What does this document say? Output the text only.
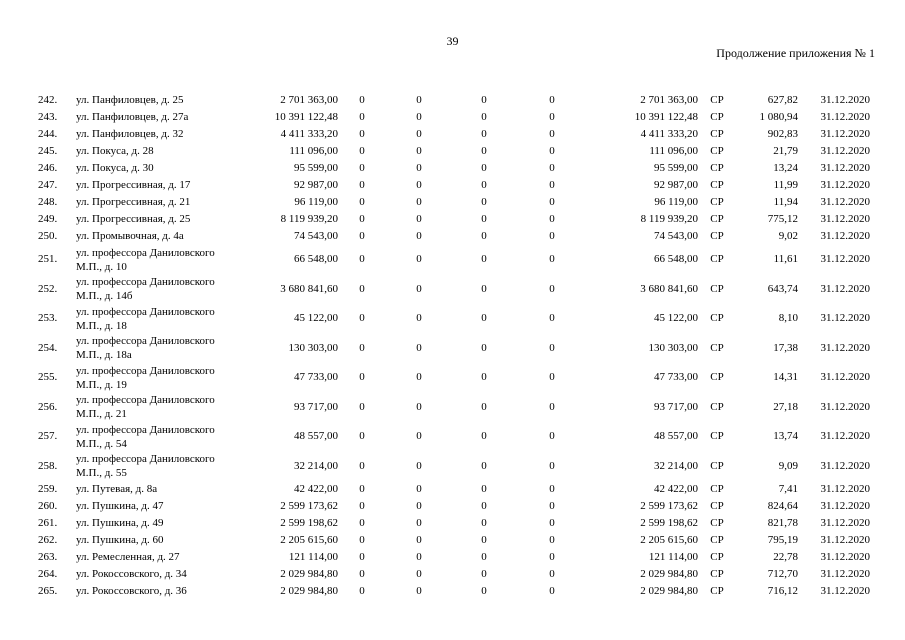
39
Продолжение приложения № 1
242.	ул. Панфиловцев, д. 25	2 701 363,00	0	0	0	0	2 701 363,00	СР	627,82	31.12.2020
243.	ул. Панфиловцев, д. 27а	10 391 122,48	0	0	0	0	10 391 122,48	СР	1 080,94	31.12.2020
244.	ул. Панфиловцев, д. 32	4 411 333,20	0	0	0	0	4 411 333,20	СР	902,83	31.12.2020
245.	ул. Покуса, д. 28	111 096,00	0	0	0	0	111 096,00	СР	21,79	31.12.2020
246.	ул. Покуса, д. 30	95 599,00	0	0	0	0	95 599,00	СР	13,24	31.12.2020
247.	ул. Прогрессивная, д. 17	92 987,00	0	0	0	0	92 987,00	СР	11,99	31.12.2020
248.	ул. Прогрессивная, д. 21	96 119,00	0	0	0	0	96 119,00	СР	11,94	31.12.2020
249.	ул. Прогрессивная, д. 25	8 119 939,20	0	0	0	0	8 119 939,20	СР	775,12	31.12.2020
250.	ул. Промывочная, д. 4а	74 543,00	0	0	0	0	74 543,00	СР	9,02	31.12.2020
251.	ул. профессора Даниловского М.П., д. 10	66 548,00	0	0	0	0	66 548,00	СР	11,61	31.12.2020
252.	ул. профессора Даниловского М.П., д. 14б	3 680 841,60	0	0	0	0	3 680 841,60	СР	643,74	31.12.2020
253.	ул. профессора Даниловского М.П., д. 18	45 122,00	0	0	0	0	45 122,00	СР	8,10	31.12.2020
254.	ул. профессора Даниловского М.П., д. 18а	130 303,00	0	0	0	0	130 303,00	СР	17,38	31.12.2020
255.	ул. профессора Даниловского М.П., д. 19	47 733,00	0	0	0	0	47 733,00	СР	14,31	31.12.2020
256.	ул. профессора Даниловского М.П., д. 21	93 717,00	0	0	0	0	93 717,00	СР	27,18	31.12.2020
257.	ул. профессора Даниловского М.П., д. 54	48 557,00	0	0	0	0	48 557,00	СР	13,74	31.12.2020
258.	ул. профессора Даниловского М.П., д. 55	32 214,00	0	0	0	0	32 214,00	СР	9,09	31.12.2020
259.	ул. Путевая, д. 8а	42 422,00	0	0	0	0	42 422,00	СР	7,41	31.12.2020
260.	ул. Пушкина, д. 47	2 599 173,62	0	0	0	0	2 599 173,62	СР	824,64	31.12.2020
261.	ул. Пушкина, д. 49	2 599 198,62	0	0	0	0	2 599 198,62	СР	821,78	31.12.2020
262.	ул. Пушкина, д. 60	2 205 615,60	0	0	0	0	2 205 615,60	СР	795,19	31.12.2020
263.	ул. Ремесленная, д. 27	121 114,00	0	0	0	0	121 114,00	СР	22,78	31.12.2020
264.	ул. Рокоссовского, д. 34	2 029 984,80	0	0	0	0	2 029 984,80	СР	712,70	31.12.2020
265.	ул. Рокоссовского, д. 36	2 029 984,80	0	0	0	0	2 029 984,80	СР	716,12	31.12.2020
